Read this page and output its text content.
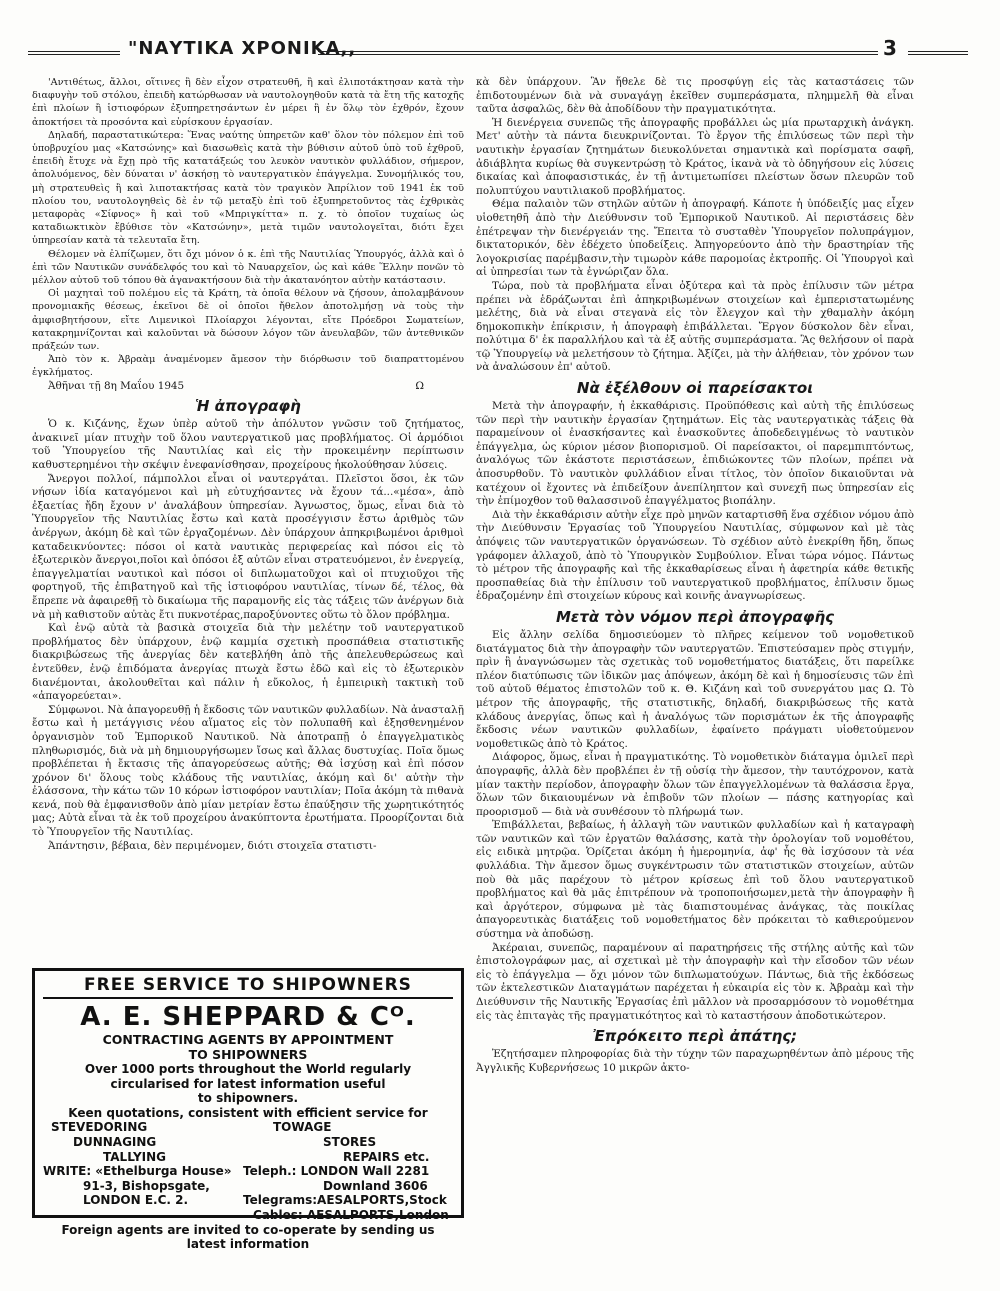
"ΝΑΥΤΙΚΑ ΧΡΟΝΙΚΑ,,	3

'Αντιθέτως, ἄλλοι, οἵτινες ἢ δὲν εἶχον στρατευθῆ, ἢ καὶ ἐλιποτάκτησαν κατὰ τὴν διαφυγὴν τοῦ στόλου, ἐπειδὴ κατώρθωσαν νὰ ναυτολογηθοῦν κατὰ τὰ ἔτη τῆς κατοχῆς ἐπὶ πλοίων ἢ ἱστιοφόρων ἐξυπηρετησάντων ἐν μέρει ἢ ἐν ὅλῳ τὸν ἐχθρόν, ἔχουν ἀποκτήσει τὰ προσόντα καὶ εὑρίσκουν ἐργασίαν.

Δηλαδή, παραστατικώτερα: Ἕνας ναύτης ὑπηρετῶν καθ' ὅλον τὸν πόλεμον ἐπὶ τοῦ ὑποβρυχίου μας «Κατσώνης» καὶ διασωθεὶς κατὰ τὴν βύθισιν αὐτοῦ ὑπὸ τοῦ ἐχθροῦ, ἐπειδὴ ἔτυχε νὰ ἔχῃ πρὸ τῆς κατατάξεώς του λευκὸν ναυτικὸν φυλλάδιον, σήμερον, ἀπολυόμενος, δὲν δύναται ν' ἀσκήσῃ τὸ ναυτεργατικὸν ἐπάγγελμα. Συνομήλικός του, μὴ στρατευθεὶς ἢ καὶ λιποτακτήσας κατὰ τὸν τραγικὸν Ἀπρίλιον τοῦ 1941 ἐκ τοῦ πλοίου του, ναυτολογηθεὶς δὲ ἐν τῷ μεταξὺ ἐπὶ τοῦ ἐξυπηρετοῦντος τὰς ἐχθρικὰς μεταφορὰς «Σίφνος» ἢ καὶ τοῦ «Μπριγκίττα» π. χ. τὸ ὁποῖον τυχαίως ὡς καταδιωκτικὸν ἔβύθισε τὸν «Κατσώνην», μετὰ τιμῶν ναυτολογεῖται, διότι ἔχει ὑπηρεσίαν κατὰ τὰ τελευταῖα ἔτη.

Θέλομεν νὰ ἐλπίζωμεν, ὅτι ὄχι μόνον ὁ κ. ἐπὶ τῆς Ναυτιλίας Ὑπουργός, ἀλλὰ καὶ ὁ ἐπὶ τῶν Ναυτικῶν συνάδελφός του καὶ τὸ Ναυαρχεῖον, ὡς καὶ κάθε Ἕλλην πονῶν τὸ μέλλον αὐτοῦ τοῦ τόπου θὰ ἀγανακτήσουν διὰ τὴν ἀκατανόητον αὐτὴν κατάστασιν.

Οἱ μαχηταὶ τοῦ πολέμου εἰς τὰ Κράτη, τὰ ὁποῖα θέλουν νὰ ζήσουν, ἀπολαμβάνουν προνομιακῆς θέσεως, ἐκεῖνοι δὲ οἱ ὁποῖοι ἤθελον ἀποτολμήσῃ νὰ τοὺς τὴν ἀμφισβητήσουν, εἴτε Λιμενικοὶ Πλοίαρχοι λέγονται, εἴτε Πρόεδροι Σωματείων, κατακρημνίζονται καὶ καλοῦνται νὰ δώσουν λόγον τῶν ἀνευλαβῶν, τῶν ἀντεθνικῶν πράξεών των.

Ἀπὸ τὸν κ. Ἀβραὰμ ἀναμένομεν ἄμεσον τὴν διόρθωσιν τοῦ διαπραττομένου ἐγκλήματος.

Ἀθῆναι τῇ 8η Μαΐου 1945	Ω
Ἡ ἀπογραφὴ

Ὁ κ. Κιζάνης, ἔχων ὑπὲρ αὐτοῦ τὴν ἀπόλυτον γνῶσιν τοῦ ζητήματος, ἀνακινεῖ μίαν πτυχὴν τοῦ ὅλου ναυτεργατικοῦ μας προβλήματος. Οἱ ἁρμόδιοι τοῦ Ὑπουργείου τῆς Ναυτιλίας καὶ εἰς τὴν προκειμένην περίπτωσιν καθυστερημένοι τὴν σκέψιν ἐνεφανίσθησαν, προχείρους ἠκολούθησαν λύσεις.

Ἄνεργοι πολλοί, πάμπολλοι εἶναι οἱ ναυτεργάται. Πλεῖστοι ὅσοι, ἐκ τῶν νήσων ἰδία καταγόμενοι καὶ μὴ εὐτυχήσαντες νὰ ἔχουν τά...«μέσα», ἀπὸ ἐξαετίας ἤδη ἔχουν ν' ἀναλάβουν ὑπηρεσίαν. Ἀγνωστος, ὅμως, εἶναι διὰ τὸ Ὑπουργεῖον τῆς Ναυτιλίας ἔστω καὶ κατὰ προσέγγισιν ἔστω ἀριθμὸς τῶν ἀνέργων, ἀκόμη δὲ καὶ τῶν ἐργαζομένων. Δὲν ὑπάρχουν ἀπηκριβωμένοι ἀριθμοὶ καταδεικνύοντες: πόσοι οἱ κατὰ ναυτικὰς περιφερείας καὶ πόσοι εἰς τὸ ἐξωτερικὸν ἄνεργοι,ποῖοι καὶ ὁπόσοι ἐξ αὐτῶν εἶναι στρατευόμενοι, ἐν ἐνεργείᾳ, ἐπαγγελματίαι ναυτικοὶ καὶ πόσοι οἱ διπλωματοῦχοι καὶ οἱ πτυχιοῦχοι τῆς φορτηγοῦ, τῆς ἐπιβατηγοῦ καὶ τῆς ἱστιοφόρου ναυτιλίας, τίνων δέ, τέλος, θὰ ἔπρεπε νὰ ἀφαιρεθῇ τὸ δικαίωμα τῆς παραμονῆς εἰς τὰς τάξεις τῶν ἀνέργων διὰ νὰ μὴ καθιστοῦν αὐτὰς ἔτι πυκνοτέρας,παροξύνοντες οὕτω τὸ ὅλον πρόβλημα.

Καὶ ἐνῷ αὐτὰ τὰ βασικὰ στοιχεῖα διὰ τὴν μελέτην τοῦ ναυτεργατικοῦ προβλήματος δὲν ὑπάρχουν, ἐνῷ καμμία σχετικὴ προσπάθεια στατιστικῆς διακριβώσεως τῆς ἀνεργίας δὲν κατεβλήθη ἀπὸ τῆς ἀπελευθερώσεως καὶ ἐντεῦθεν, ἐνῷ ἐπιδόματα ἀνεργίας πτωχὰ ἔστω ἐδῶ καὶ εἰς τὸ ἐξωτερικὸν διανέμονται, ἀκολουθεῖται καὶ πάλιν ἡ εὔκολος, ἡ ἐμπειρικὴ τακτικὴ τοῦ «ἀπαγορεύεται».

Σύμφωνοι. Νὰ ἀπαγορευθῇ ἡ ἔκδοσις τῶν ναυτικῶν φυλλαδίων. Νὰ ἀνασταλῇ ἔστω καὶ ἡ μετάγγισις νέου αἵματος εἰς τὸν πολυπαθῆ καὶ ἐξησθενημένον ὀργανισμὸν τοῦ Ἐμπορικοῦ Ναυτικοῦ. Νὰ ἀποτραπῇ ὁ ἐπαγγελματικὸς πληθωρισμός, διὰ νὰ μὴ δημιουργήσωμεν ἴσως καὶ ἄλλας δυστυχίας. Ποῖα ὅμως προβλέπεται ἡ ἔκτασις τῆς ἀπαγορεύσεως αὐτῆς; Θὰ ἰσχύσῃ καὶ ἐπὶ πόσον χρόνον δι' ὅλους τοὺς κλάδους τῆς ναυτιλίας, ἀκόμη καὶ δι' αὐτὴν τὴν ἐλάσσονα, τὴν κάτω τῶν 10 κόρων ἱστιοφόρον ναυτιλίαν; Ποῖα ἀκόμη τὰ πιθανὰ κενά, ποὺ θὰ ἐμφανισθοῦν ἀπὸ μίαν μετρίαν ἔστω ἐπαύξησιν τῆς χωρητικότητός μας; Αὐτὰ εἶναι τὰ ἐκ τοῦ προχείρου ἀνακύπτοντα ἐρωτήματα. Προορίζονται διὰ τὸ Ὑπουργεῖον τῆς Ναυτιλίας.

Ἀπάντησιν, βέβαια, δὲν περιμένομεν, διότι στοιχεῖα στατιστι-

FREE SERVICE TO SHIPOWNERS
A. E. SHEPPARD & Cᴼ.
CONTRACTING AGENTS BY APPOINTMENT
TO SHIPOWNERS
Over 1000 ports throughout the World regularly
circularised for latest information useful
to shipowners.
Keen quotations, consistent with efficient service for
STEVEDORING	TOWAGE
DUNNAGING	STORES
TALLYING	REPAIRS etc.
WRITE: «Ethelburga House» Teleph.: LONDON Wall 2281
91-3, Bishopsgate,	Downland 3606
LONDON E.C. 2.	Telegrams:AESALPORTS,Stock
Cables: AESALPORTS,London
Foreign agents are invited to co-operate by sending us
latest information

κὰ δὲν ὑπάρχουν. Ἂν ἤθελε δὲ τις προσφύγῃ εἰς τὰς καταστάσεις τῶν ἐπιδοτουμένων διὰ νὰ συναγάγῃ ἐκεῖθεν συμπεράσματα, πλημμελῆ θὰ εἶναι ταῦτα ἀσφαλῶς, δὲν θὰ ἀποδίδουν τὴν πραγματικότητα.

Ἡ διενέργεια συνεπῶς τῆς ἀπογραφῆς προβάλλει ὡς μία πρωταρχικὴ ἀνάγκη. Μετ' αὐτὴν τὰ πάντα διευκρινίζονται. Τὸ ἔργον τῆς ἐπιλύσεως τῶν περὶ τὴν ναυτικὴν ἐργασίαν ζητημάτων διευκολύνεται σημαντικὰ καὶ πορίσματα σαφῆ, ἀδιάβλητα κυρίως θὰ συγκεντρώσῃ τὸ Κράτος, ἱκανὰ νὰ τὸ ὁδηγήσουν εἰς λύσεις δικαίας καὶ ἀποφασιστικάς, ἐν τῇ ἀντιμετωπίσει πλείστων ὅσων πλευρῶν τοῦ πολυπτύχου ναυτιλιακοῦ προβλήματος.

Θέμα παλαιὸν τῶν στηλῶν αὐτῶν ἡ ἀπογραφή. Κάποτε ἡ ὑπόδειξίς μας εἶχεν υἱοθετηθῆ ἀπὸ τὴν Διεύθυνσιν τοῦ Ἐμπορικοῦ Ναυτικοῦ. Αἱ περιστάσεις δὲν ἐπέτρεψαν τὴν διενέργειάν της. Ἔπειτα τὸ συσταθὲν Ὑπουργεῖον πολυπράγμον, δικτατορικόν, δὲν ἐδέχετο ὑποδείξεις. Ἀπηγορεύοντο ἀπὸ τὴν δραστηρίαν τῆς λογοκρισίας παρέμβασιν,τὴν τιμωρὸν κάθε παρομοίας ἐκτροπῆς. Οἱ Ὑπουργοὶ καὶ αἱ ὑπηρεσίαι των τὰ ἐγνώριζαν ὅλα.

Τώρα, ποὺ τὰ προβλήματα εἶναι ὀξύτερα καὶ τὰ πρὸς ἐπίλυσιν τῶν μέτρα πρέπει νὰ ἑδράζωνται ἐπὶ ἀπηκριβωμένων στοιχείων καὶ ἐμπεριστατωμένης μελέτης, διὰ νὰ εἶναι στεγανὰ εἰς τὸν ἔλεγχον καὶ τὴν χθαμαλὴν ἀκόμη δημοκοπικὴν ἐπίκρισιν, ἡ ἀπογραφὴ ἐπιβάλλεται. Ἔργον δύσκολον δὲν εἶναι, πολύτιμα δ' ἐκ παραλλήλου καὶ τὰ ἐξ αὐτῆς συμπεράσματα. Ἂς θελήσουν οἱ παρὰ τῷ Ὑπουργείῳ νὰ μελετήσουν τὸ ζήτημα. Ἀξίζει, μὰ τὴν ἀλήθειαν, τὸν χρόνον των νὰ ἀναλώσουν ἐπ' αὐτοῦ.

Νὰ ἐξέλθουν οἱ παρείσακτοι

Μετὰ τὴν ἀπογραφήν, ἡ ἐκκαθάρισις. Προϋπόθεσις καὶ αὐτὴ τῆς ἐπιλύσεως τῶν περὶ τὴν ναυτικὴν ἐργασίαν ζητημάτων. Εἰς τὰς ναυτεργατικὰς τάξεις θὰ παραμείνουν οἱ ἐνασκήσαντες καὶ ἐνασκοῦντες ἀποδεδειγμένως τὸ ναυτικὸν ἐπάγγελμα, ὡς κύριον μέσον βιοπορισμοῦ. Οἱ παρείσακτοι, οἱ παρεμπιπτόντως, ἀναλόγως τῶν ἑκάστοτε περιστάσεων, ἐπιδιώκοντες τῶν πλοίων, πρέπει νὰ ἀποσυρθοῦν. Τὸ ναυτικὸν φυλλάδιον εἶναι τίτλος, τὸν ὁποῖον δικαιοῦνται νὰ κατέχουν οἱ ἔχοντες νὰ ἐπιδείξουν ἀνεπίληπτον καὶ συνεχῆ πως ὑπηρεσίαν εἰς τὴν ἐπίμοχθον τοῦ θαλασσινοῦ ἐπαγγέλματος βιοπάλην.

Διὰ τὴν ἐκκαθάρισιν αὐτὴν εἶχε πρὸ μηνῶν καταρτισθῆ ἕνα σχέδιον νόμου ἀπὸ τὴν Διεύθυνσιν Ἐργασίας τοῦ Ὑπουργείου Ναυτιλίας, σύμφωνον καὶ μὲ τὰς ἀπόψεις τῶν ναυτεργατικῶν ὀργανώσεων. Τὸ σχέδιον αὐτὸ ἐνεκρίθη ἤδη, ὅπως γράφομεν ἀλλαχοῦ, ἀπὸ τὸ Ὑπουργικὸν Συμβούλιον. Εἶναι τώρα νόμος. Πάντως τὸ μέτρον τῆς ἀπογραφῆς καὶ τῆς ἐκκαθαρίσεως εἶναι ἡ ἀφετηρία κάθε θετικῆς προσπαθείας διὰ τὴν ἐπίλυσιν τοῦ ναυτεργατικοῦ προβλήματος, ἐπίλυσιν ὅμως ἑδραζομένην ἐπὶ στοιχείων κύρους καὶ κοινῆς ἀναγνωρίσεως.

Μετὰ τὸν νόμον περὶ ἀπογραφῆς

Εἰς ἄλλην σελίδα δημοσιεύομεν τὸ πλῆρες κείμενον τοῦ νομοθετικοῦ διατάγματος διὰ τὴν ἀπογραφὴν τῶν ναυτεργατῶν. Ἐπιστεύσαμεν πρὸς στιγμήν, πρὶν ἢ ἀναγνώσωμεν τὰς σχετικὰς τοῦ νομοθετήματος διατάξεις, ὅτι παρείλκε πλέον διατύπωσις τῶν ἰδικῶν μας ἀπόψεων, ἀκόμη δὲ καὶ ἡ δημοσίευσις τῶν ἐπὶ τοῦ αὐτοῦ θέματος ἐπιστολῶν τοῦ κ. Θ. Κιζάνη καὶ τοῦ συνεργάτου μας Ω. Τὸ μέτρον τῆς ἀπογραφῆς, τῆς στατιστικῆς, δηλαδή, διακριβώσεως τῆς κατὰ κλάδους ἀνεργίας, ὅπως καὶ ἡ ἀναλόγως τῶν πορισμάτων ἐκ τῆς ἀπογραφῆς ἔκδοσις νέων ναυτικῶν φυλλαδίων, ἐφαίνετο πράγματι υἱοθετούμενον νομοθετικῶς ἀπὸ τὸ Κράτος.

Διάφορος, ὅμως, εἶναι ἡ πραγματικότης. Τὸ νομοθετικὸν διάταγμα ὁμιλεῖ περὶ ἀπογραφῆς, ἀλλὰ δὲν προβλέπει ἐν τῇ οὐσίᾳ τὴν ἄμεσον, τὴν ταυτόχρονον, κατὰ μίαν τακτὴν περίοδον, ἀπογραφὴν ὅλων τῶν ἐπαγγελλομένων τὰ θαλάσσια ἔργα, ὅλων τῶν δικαιουμένων νὰ ἐπιβοῦν τῶν πλοίων — πάσης κατηγορίας καὶ προορισμοῦ — διὰ νὰ συνθέσουν τὸ πλήρωμά των.

Ἐπιβάλλεται, βεβαίως, ἡ ἀλλαγὴ τῶν ναυτικῶν φυλλαδίων καὶ ἡ καταγραφὴ τῶν ναυτικῶν καὶ τῶν ἐργατῶν θαλάσσης, κατὰ τὴν ὁρολογίαν τοῦ νομοθέτου, εἰς ειδικὰ μητρῷα. Ὁρίζεται ἀκόμη ἡ ἡμερομηνία, ἀφ' ἧς θὰ ἰσχύσουν τὰ νέα φυλλάδια. Τὴν ἄμεσον ὅμως συγκέντρωσιν τῶν στατιστικῶν στοιχείων, αὐτῶν ποὺ θὰ μᾶς παρέχουν τὸ μέτρον κρίσεως ἐπὶ τοῦ ὅλου ναυτεργατικοῦ προβλήματος καὶ θὰ μᾶς ἐπιτρέπουν νὰ τροποποιήσωμεν,μετὰ τὴν ἀπογραφὴν ἢ καὶ ἀργότερον, σύμφωνα μὲ τὰς διαπιστουμένας ἀνάγκας, τὰς ποικίλας ἀπαγορευτικὰς διατάξεις τοῦ νομοθετήματος δὲν πρόκειται τὸ καθιερούμενον σύστημα νὰ ἀποδώσῃ.

Ἀκέραιαι, συνεπῶς, παραμένουν αἱ παρατηρήσεις τῆς στήλης αὐτῆς καὶ τῶν ἐπιστολογράφων μας, αἱ σχετικαὶ μὲ τὴν ἀπογραφὴν καὶ τὴν εἴσοδον τῶν νέων εἰς τὸ ἐπάγγελμα — ὄχι μόνον τῶν διπλωματούχων. Πάντως, διὰ τῆς ἐκδόσεως τῶν ἐκτελεστικῶν Διαταγμάτων παρέχεται ἡ εὐκαιρία εἰς τὸν κ. Ἀβραὰμ καὶ τὴν Διεύθυνσιν τῆς Ναυτικῆς Ἐργασίας ἐπὶ μᾶλλον νὰ προσαρμόσουν τὸ νομοθέτημα εἰς τὰς ἐπιταγὰς τῆς πραγματικότητος καὶ τὸ καταστήσουν ἀποδοτικώτερον.

Ἐπρόκειτο περὶ ἀπάτης;

Ἐζητήσαμεν πληροφορίας διὰ τὴν τύχην τῶν παραχωρηθέντων ἀπὸ μέρους τῆς Ἀγγλικῆς Κυβερνήσεως 10 μικρῶν ἀκτο-
